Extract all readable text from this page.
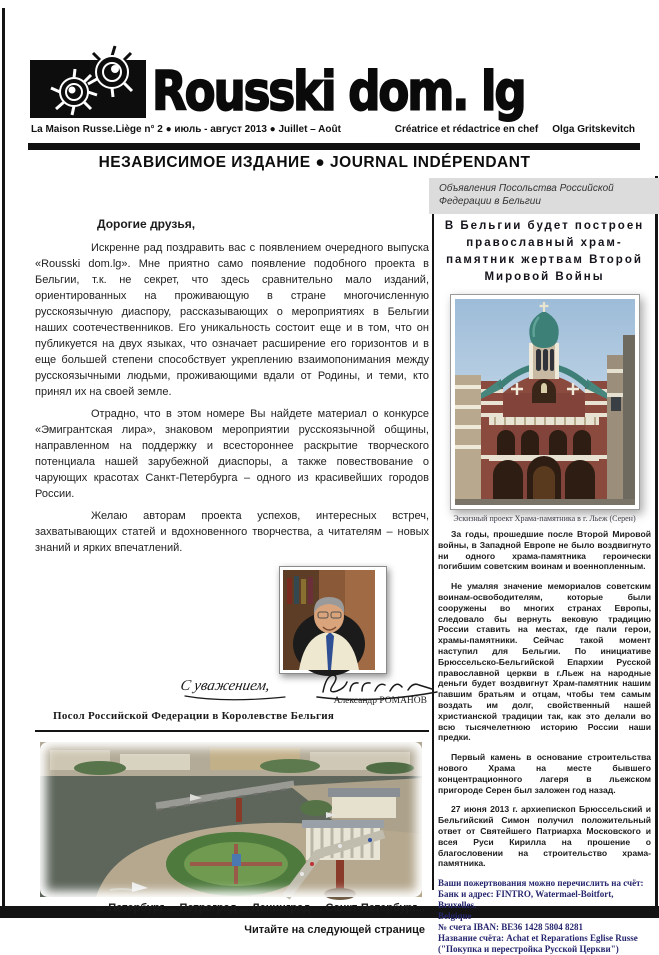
Rousski dom. lg
La Maison Russe.Liège n° 2 ● июль - август 2013 ● Juillet – Août	Créatrice et rédactrice en chef Olga Gritskevitch
НЕЗАВИСИМОЕ ИЗДАНИЕ ● JOURNAL INDÉPENDANT

Дорогие друзья,

Искренне рад поздравить вас с появлением очередного выпуска «Rousski dom.lg». Мне приятно само появление подобного проекта в Бельгии, т.к. не секрет, что здесь сравнительно мало изданий, ориентированных на проживающую в стране многочисленную русскоязычную диаспору, рассказывающих о мероприятиях в Бельгии наших соотечественников. Его уникальность состоит еще и в том, что он публикуется на двух языках, что означает расширение его горизонтов и в еще большей степени способствует укреплению взаимопонимания между русскоязычными людьми, проживающими вдали от Родины, и теми, кто принял их на своей земле.

Отрадно, что в этом номере Вы найдете материал о конкурсе «Эмигрантская лира», знаковом мероприятии русскоязычной общины, направленном на поддержку и всестороннее раскрытие творческого потенциала нашей зарубежной диаспоры, а также повествование о чарующих красотах Санкт-Петербурга – одного из красивейших городов России.

Желаю авторам проекта успехов, интересных встреч, захватывающих статей и вдохновенного творчества, а читателям – новых знаний и ярких впечатлений.

С уважением,
Александр РОМАНОВ
Посол Российской Федерации в Королевстве Бельгия
... Петербург ... Петроград ... Ленинград ... Санкт-Петербург...
Читайте на следующей странице
Объявления Посольства Российской Федерации в Бельгии
В Бельгии будет построен православный храм-памятник жертвам Второй Мировой Войны
Эскизный проект Храма-памятника в г. Льеж (Серен)

За годы, прошедшие после Второй Мировой войны, в Западной Европе не было воздвигнуто ни одного храма-памятника героически погибшим советским воинам и военнопленным.

Не умаляя значение мемориалов советским воинам-освободителям, которые были сооружены во многих странах Европы, следовало бы вернуть вековую традицию России ставить на местах, где пали герои, храмы-памятники. Сейчас такой момент наступил для Бельгии. По инициативе Брюссельско-Бельгийской Епархии Русской православной церкви в г.Льеж на народные деньги будет воздвигнут Храм-памятник нашим павшим братьям и отцам, чтобы тем самым воздать им долг, свойственный нашей христианской традиции так, как это делали во всю тысячелетнюю историю России наши предки.

Первый камень в основание строительства нового Храма на месте бывшего концентрационного лагеря в льежском пригороде Серен был заложен год назад.

27 июня 2013 г. архиепископ Брюссельский и Бельгийский Симон получил положительный ответ от Святейшего Патриарха Московского и всея Руси Кирилла на прошение о благословении на строительство храма-памятника.

Ваши пожертвования можно перечислить на счёт:
Банк и адрес: FINTRO, Watermael-Boitfort, Bruxelles.
Belgique
№ счета IBAN: BE36 1428 5804 8281
Название счёта: Achat et Reparations Eglise Russe
("Покупка и перестройка Русской Церкви")
